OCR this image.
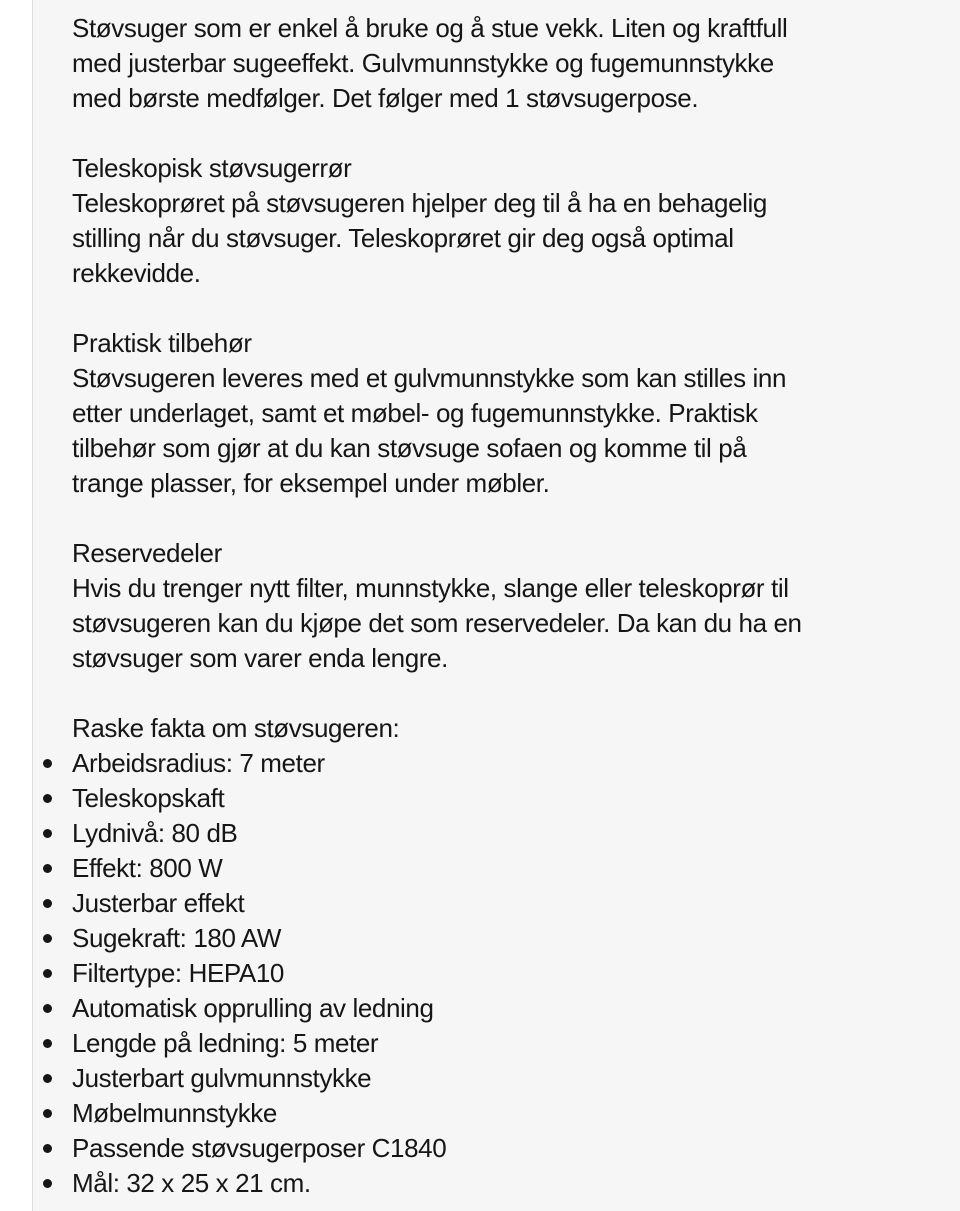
Støvsuger som er enkel å bruke og å stue vekk. Liten og kraftfull
med justerbar sugeeffekt. Gulvmunnstykke og fugemunnstykke
med børste medfølger. Det følger med 1 støvsugerpose.
Teleskopisk støvsugerrør
Teleskoprøret på støvsugeren hjelper deg til å ha en behagelig
stilling når du støvsuger. Teleskoprøret gir deg også optimal
rekkevidde.
Praktisk tilbehør
Støvsugeren leveres med et gulvmunnstykke som kan stilles inn
etter underlaget, samt et møbel- og fugemunnstykke. Praktisk
tilbehør som gjør at du kan støvsuge sofaen og komme til på
trange plasser, for eksempel under møbler.
Reservedeler
Hvis du trenger nytt filter, munnstykke, slange eller teleskoprør til
støvsugeren kan du kjøpe det som reservedeler. Da kan du ha en
støvsuger som varer enda lengre.
Raske fakta om støvsugeren:
Arbeidsradius: 7 meter
Teleskopskaft
Lydnivå: 80 dB
Effekt: 800 W
Justerbar effekt
Sugekraft: 180 AW
Filtertype: HEPA10
Automatisk opprulling av ledning
Lengde på ledning: 5 meter
Justerbart gulvmunnstykke
Møbelmunnstykke
Passende støvsugerposer C1840
Mål: 32 x 25 x 21 cm.
